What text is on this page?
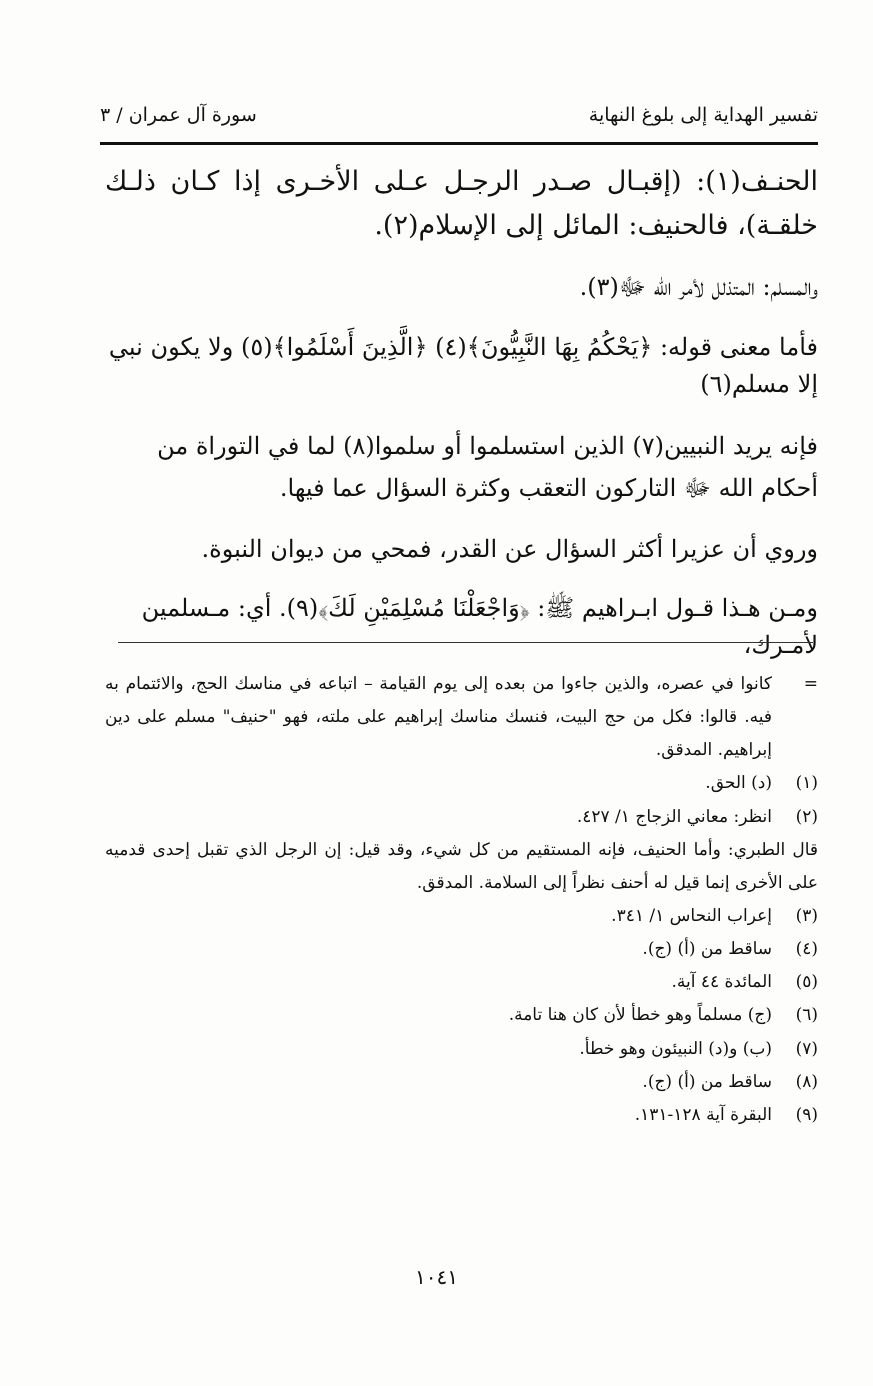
تفسير الهداية إلى بلوغ النهاية
سورة آل عمران / ٣

الحنـف(١): (إقبـال صـدر الرجـل عـلى الأخـرى إذا كـان ذلـك خلقـة)، فالحنيف: المائل إلى الإسلام(٢).

والمسلم: المتذلل لأمر الله ﷻ(٣).

فأما معنى قوله: ﴿يَحْكُمُ بِهَا النَّبِيُّونَ﴾(٤) ﴿الَّذِينَ أَسْلَمُوا﴾(٥) ولا يكون نبي إلا مسلم(٦)

فإنه يريد النبيين(٧) الذين استسلموا أو سلموا(٨) لما في التوراة من أحكام الله ﷻ التاركون التعقب وكثرة السؤال عما فيها.

وروي أن عزيرا أكثر السؤال عن القدر، فمحي من ديوان النبوة.

ومـن هـذا قـول ابـراهيم ﷺ: ﴿وَاجْعَلْنَا مُسْلِمَيْنِ لَكَ﴾(٩). أي: مـسلمين لأمـرك،

=
كانوا في عصره، والذين جاءوا من بعده إلى يوم القيامة – اتباعه في مناسك الحج، والائتمام به فيه. قالوا: فكل من حج البيت، فنسك مناسك إبراهيم على ملته، فهو "حنيف" مسلم على دين إبراهيم. المدقق.
(١)
(د) الحق.
(٢)
انظر: معاني الزجاج ١/ ٤٢٧.
قال الطبري: وأما الحنيف، فإنه المستقيم من كل شيء، وقد قيل: إن الرجل الذي تقبل إحدى قدميه على الأخرى إنما قيل له أحنف نظراً إلى السلامة. المدقق.
(٣)
إعراب النحاس ١/ ٣٤١.
(٤)
ساقط من (أ) (ج).
(٥)
المائدة ٤٤ آية.
(٦)
(ج) مسلماً وهو خطأ لأن كان هنا تامة.
(٧)
(ب) و(د) النبيئون وهو خطأ.
(٨)
ساقط من (أ) (ج).
(٩)
البقرة آية ١٢٨-١٣١.
١٠٤١
